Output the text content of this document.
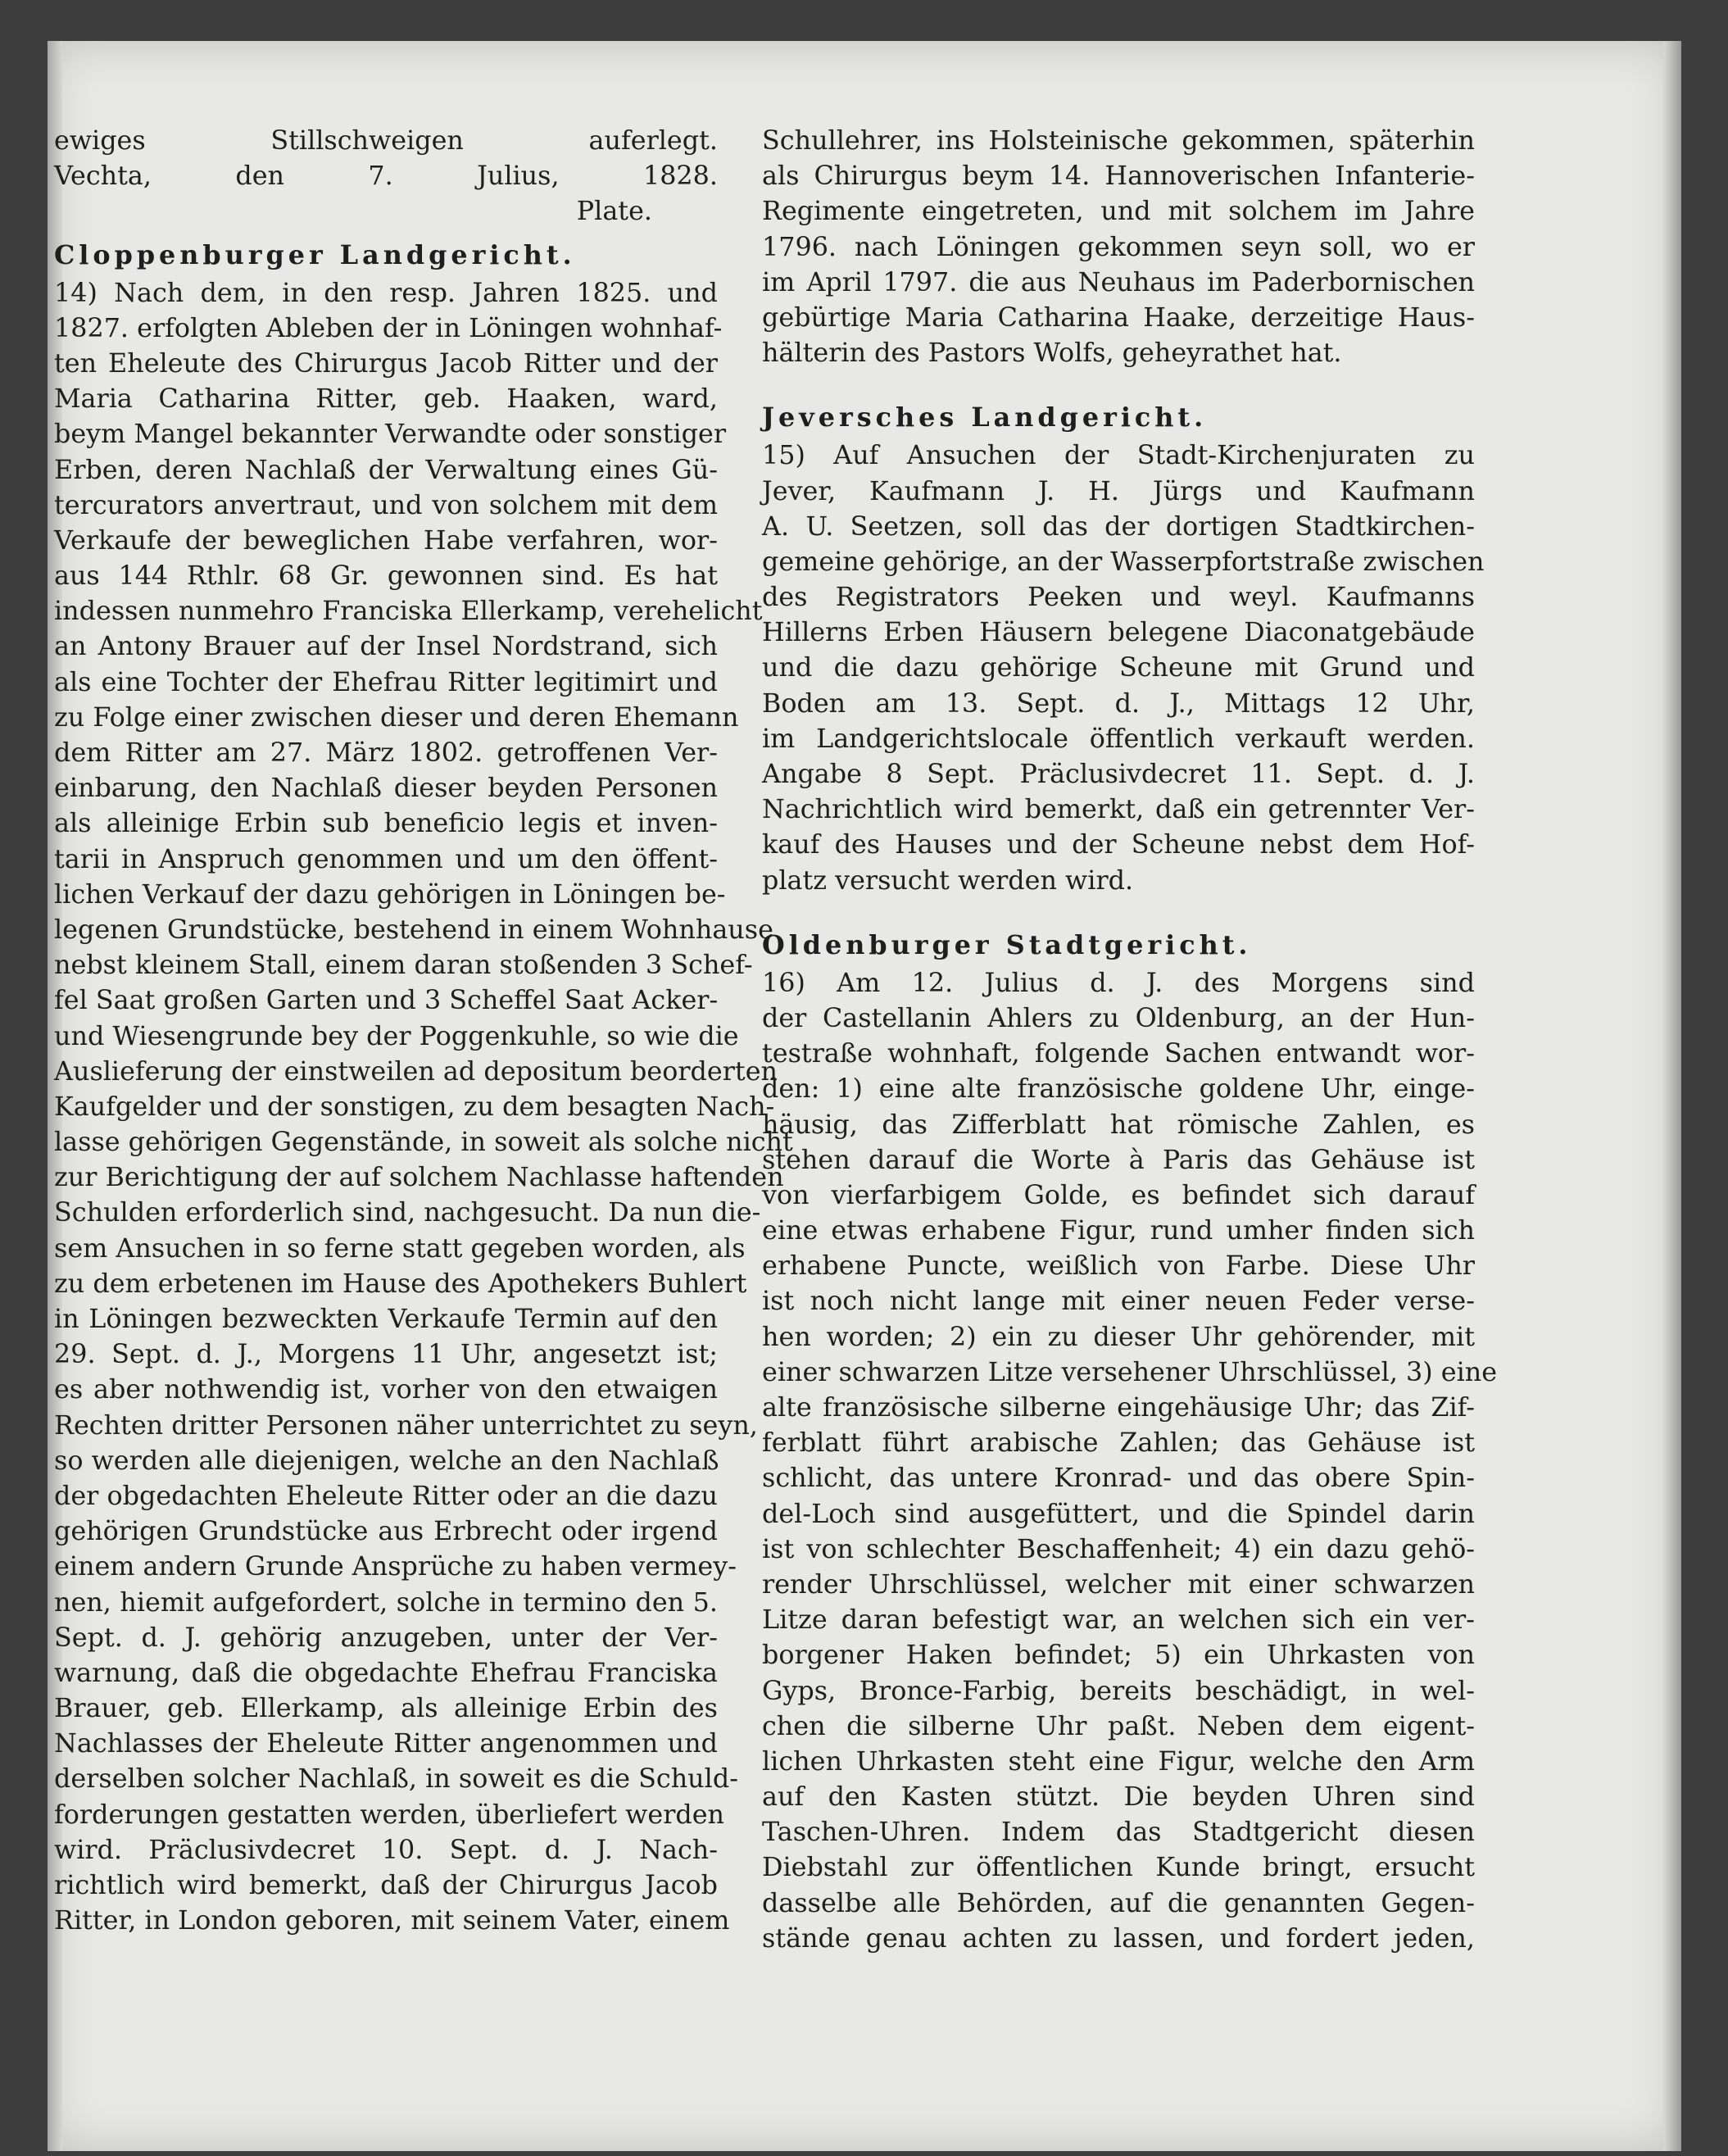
ewiges Stillschweigen auferlegt.
Vechta, den 7. Julius, 1828.
Plate.
Cloppenburger Landgericht.
14) Nach dem, in den resp. Jahren 1825. und
1827. erfolgten Ableben der in Löningen wohnhaf-
ten Eheleute des Chirurgus Jacob Ritter und der
Maria Catharina Ritter, geb. Haaken, ward,
beym Mangel bekannter Verwandte oder sonstiger
Erben, deren Nachlaß der Verwaltung eines Gü-
tercurators anvertraut, und von solchem mit dem
Verkaufe der beweglichen Habe verfahren, wor-
aus 144 Rthlr. 68 Gr. gewonnen sind. Es hat
indessen nunmehro Franciska Ellerkamp, verehelicht
an Antony Brauer auf der Insel Nordstrand, sich
als eine Tochter der Ehefrau Ritter legitimirt und
zu Folge einer zwischen dieser und deren Ehemann
dem Ritter am 27. März 1802. getroffenen Ver-
einbarung, den Nachlaß dieser beyden Personen
als alleinige Erbin sub beneficio legis et inven-
tarii in Anspruch genommen und um den öffent-
lichen Verkauf der dazu gehörigen in Löningen be-
legenen Grundstücke, bestehend in einem Wohnhause
nebst kleinem Stall, einem daran stoßenden 3 Schef-
fel Saat großen Garten und 3 Scheffel Saat Acker-
und Wiesengrunde bey der Poggenkuhle, so wie die
Auslieferung der einstweilen ad depositum beorderten
Kaufgelder und der sonstigen, zu dem besagten Nach-
lasse gehörigen Gegenstände, in soweit als solche nicht
zur Berichtigung der auf solchem Nachlasse haftenden
Schulden erforderlich sind, nachgesucht. Da nun die-
sem Ansuchen in so ferne statt gegeben worden, als
zu dem erbetenen im Hause des Apothekers Buhlert
in Löningen bezweckten Verkaufe Termin auf den
29. Sept. d. J., Morgens 11 Uhr, angesetzt ist;
es aber nothwendig ist, vorher von den etwaigen
Rechten dritter Personen näher unterrichtet zu seyn,
so werden alle diejenigen, welche an den Nachlaß
der obgedachten Eheleute Ritter oder an die dazu
gehörigen Grundstücke aus Erbrecht oder irgend
einem andern Grunde Ansprüche zu haben vermey-
nen, hiemit aufgefordert, solche in termino den 5.
Sept. d. J. gehörig anzugeben, unter der Ver-
warnung, daß die obgedachte Ehefrau Franciska
Brauer, geb. Ellerkamp, als alleinige Erbin des
Nachlasses der Eheleute Ritter angenommen und
derselben solcher Nachlaß, in soweit es die Schuld-
forderungen gestatten werden, überliefert werden
wird. Präclusivdecret 10. Sept. d. J. Nach-
richtlich wird bemerkt, daß der Chirurgus Jacob
Ritter, in London geboren, mit seinem Vater, einem
Schullehrer, ins Holsteinische gekommen, späterhin
als Chirurgus beym 14. Hannoverischen Infanterie-
Regimente eingetreten, und mit solchem im Jahre
1796. nach Löningen gekommen seyn soll, wo er
im April 1797. die aus Neuhaus im Paderbornischen
gebürtige Maria Catharina Haake, derzeitige Haus-
hälterin des Pastors Wolfs, geheyrathet hat.
Jeversches Landgericht.
15) Auf Ansuchen der Stadt-Kirchenjuraten zu
Jever, Kaufmann J. H. Jürgs und Kaufmann
A. U. Seetzen, soll das der dortigen Stadtkirchen-
gemeine gehörige, an der Wasserpfortstraße zwischen
des Registrators Peeken und weyl. Kaufmanns
Hillerns Erben Häusern belegene Diaconatgebäude
und die dazu gehörige Scheune mit Grund und
Boden am 13. Sept. d. J., Mittags 12 Uhr,
im Landgerichtslocale öffentlich verkauft werden.
Angabe 8 Sept. Präclusivdecret 11. Sept. d. J.
Nachrichtlich wird bemerkt, daß ein getrennter Ver-
kauf des Hauses und der Scheune nebst dem Hof-
platz versucht werden wird.
Oldenburger Stadtgericht.
16) Am 12. Julius d. J. des Morgens sind
der Castellanin Ahlers zu Oldenburg, an der Hun-
testraße wohnhaft, folgende Sachen entwandt wor-
den: 1) eine alte französische goldene Uhr, einge-
häusig, das Zifferblatt hat römische Zahlen, es
stehen darauf die Worte à Paris das Gehäuse ist
von vierfarbigem Golde, es befindet sich darauf
eine etwas erhabene Figur, rund umher finden sich
erhabene Puncte, weißlich von Farbe. Diese Uhr
ist noch nicht lange mit einer neuen Feder verse-
hen worden; 2) ein zu dieser Uhr gehörender, mit
einer schwarzen Litze versehener Uhrschlüssel, 3) eine
alte französische silberne eingehäusige Uhr; das Zif-
ferblatt führt arabische Zahlen; das Gehäuse ist
schlicht, das untere Kronrad- und das obere Spin-
del-Loch sind ausgefüttert, und die Spindel darin
ist von schlechter Beschaffenheit; 4) ein dazu gehö-
render Uhrschlüssel, welcher mit einer schwarzen
Litze daran befestigt war, an welchen sich ein ver-
borgener Haken befindet; 5) ein Uhrkasten von
Gyps, Bronce-Farbig, bereits beschädigt, in wel-
chen die silberne Uhr paßt. Neben dem eigent-
lichen Uhrkasten steht eine Figur, welche den Arm
auf den Kasten stützt. Die beyden Uhren sind
Taschen-Uhren. Indem das Stadtgericht diesen
Diebstahl zur öffentlichen Kunde bringt, ersucht
dasselbe alle Behörden, auf die genannten Gegen-
stände genau achten zu lassen, und fordert jeden,
